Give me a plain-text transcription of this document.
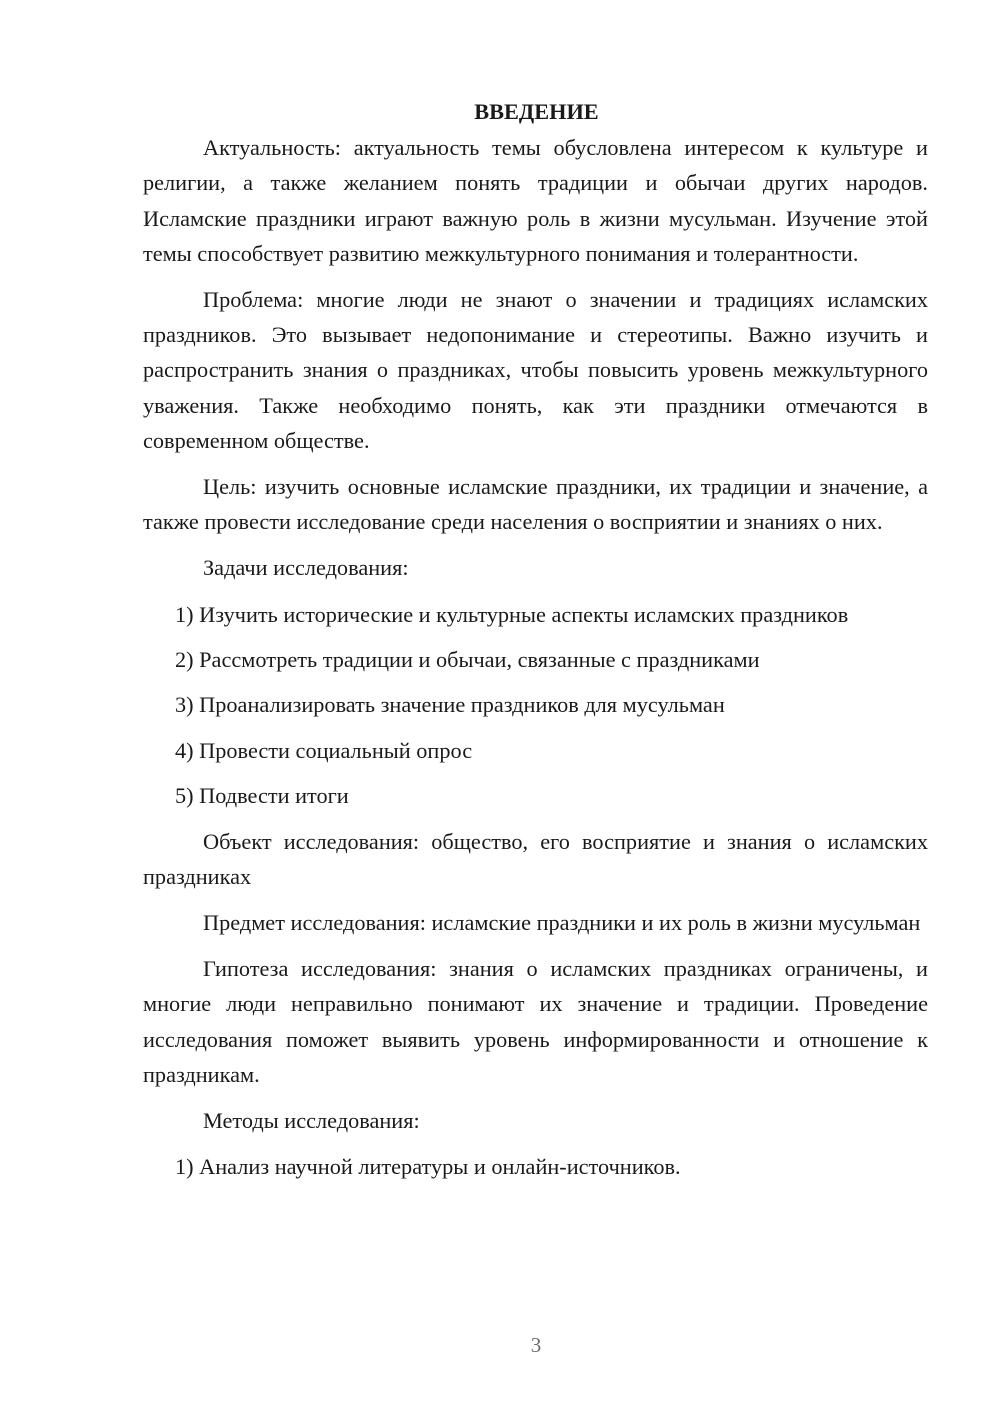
ВВЕДЕНИЕ

Актуальность: актуальность темы обусловлена интересом к культуре и религии, а также желанием понять традиции и обычаи других народов. Исламские праздники играют важную роль в жизни мусульман. Изучение этой темы способствует развитию межкультурного понимания и толерантности.

Проблема: многие люди не знают о значении и традициях исламских праздников. Это вызывает недопонимание и стереотипы. Важно изучить и распространить знания о праздниках, чтобы повысить уровень межкультурного уважения. Также необходимо понять, как эти праздники отмечаются в современном обществе.

Цель: изучить основные исламские праздники, их традиции и значение, а также провести исследование среди населения о восприятии и знаниях о них.

Задачи исследования:

1) Изучить исторические и культурные аспекты исламских праздников

2) Рассмотреть традиции и обычаи, связанные с праздниками

3) Проанализировать значение праздников для мусульман

4) Провести социальный опрос

5) Подвести итоги

Объект исследования: общество, его восприятие и знания о исламских праздниках

Предмет исследования: исламские праздники и их роль в жизни мусульман

Гипотеза исследования: знания о исламских праздниках ограничены, и многие люди неправильно понимают их значение и традиции. Проведение исследования поможет выявить уровень информированности и отношение к праздникам.

Методы исследования:

1) Анализ научной литературы и онлайн-источников.

3
